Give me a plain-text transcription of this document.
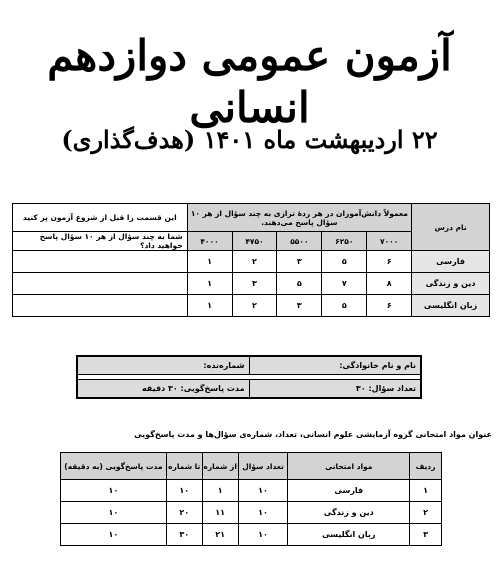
آزمون عمومی دوازدهم انسانی
۲۲ اردیبهشت ماه ۱۴۰۱ (هدف‌گذاری)
نام درس	معمولاً دانش‌آموزان در هر ردهٔ ترازی به چند سؤال از هر ۱۰ سؤال پاسخ می‌دهند.					این قسمت را قبل از شروع آزمون پر کنید
	۷۰۰۰	۶۲۵۰	۵۵۰۰	۴۷۵۰	۴۰۰۰	شما به چند سؤال از هر ۱۰ سؤال پاسخ خواهید داد؟
فارسی	۶	۵	۳	۲	۱	
دین و زندگی	۸	۷	۵	۳	۱	
زبان انگلیسی	۶	۵	۳	۲	۱	
نام و نام خانوادگی:	شماره‌نده:

تعداد سؤال: ۳۰	مدت پاسخ‌گویی: ۳۰ دقیقه
عنوان مواد امتحانی گروه آزمایشی علوم انسانی، تعداد، شماره‌ی سؤال‌ها و مدت پاسخ‌گویی
ردیف	مواد امتحانی	تعداد سؤال	از شماره	تا شماره	مدت پاسخ‌گویی (به دقیقه)
۱	فارسی	۱۰	۱	۱۰	۱۰
۲	دین و زندگی	۱۰	۱۱	۲۰	۱۰
۳	زبان انگلیسی	۱۰	۲۱	۳۰	۱۰
